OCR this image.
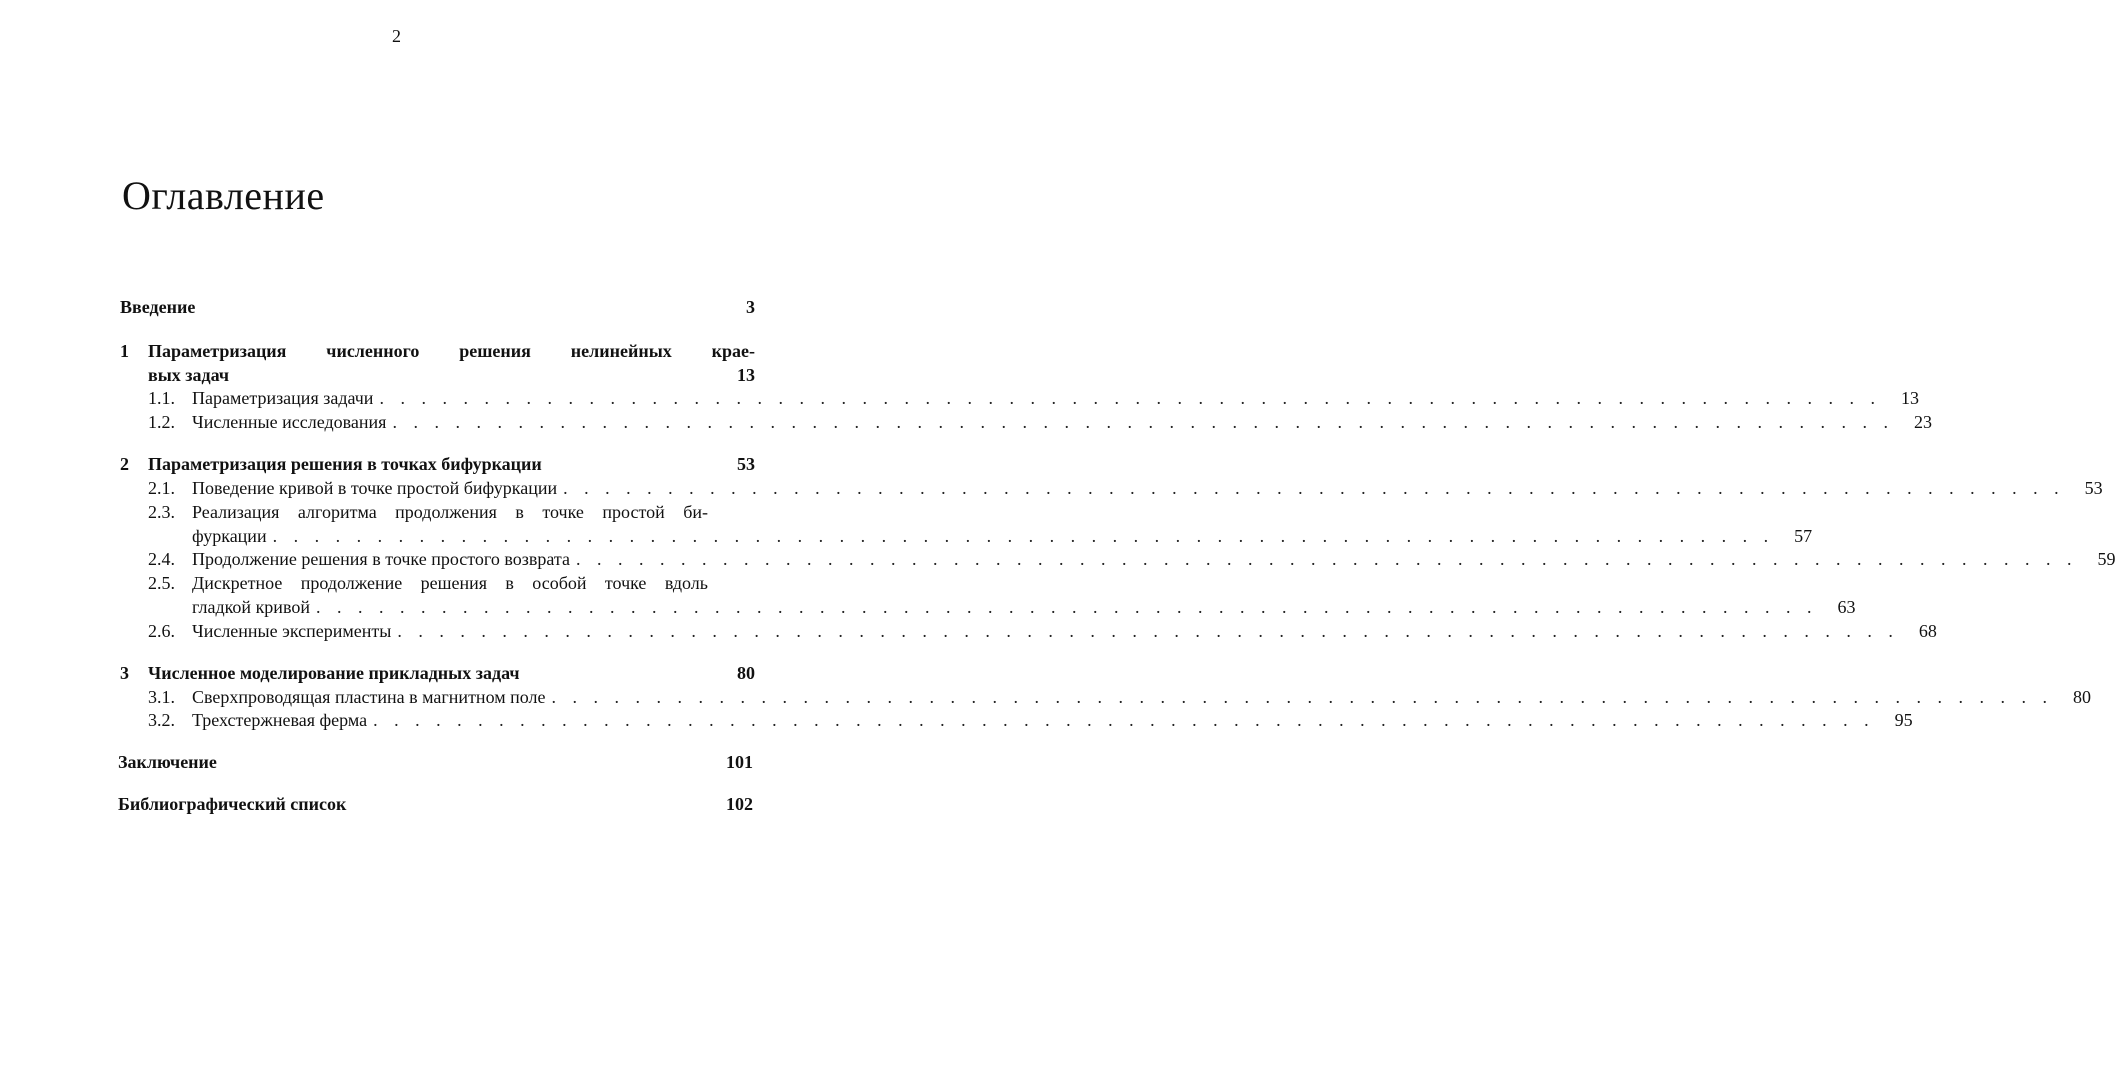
2
Оглавление
Введение	3
1	Параметризация численного решения нелинейных крае-
вых задач	13
1.1. Параметризация задачи . . .	13
1.2. Численные исследования . . .	23
2	Параметризация решения в точках бифуркации	53
2.1. Поведение кривой в точке простой бифуркации . . .	53
2.3. Реализация алгоритма продолжения в точке простой би-
фуркации . . .	57
2.4. Продолжение решения в точке простого возврата . . .	59
2.5. Дискретное продолжение решения в особой точке вдоль
гладкой кривой . . .	63
2.6. Численные эксперименты . . .	68
3	Численное моделирование прикладных задач	80
3.1. Сверхпроводящая пластина в магнитном поле . . .	80
3.2. Трехстержневая ферма . . .	95
Заключение	101
Библиографический список	102
